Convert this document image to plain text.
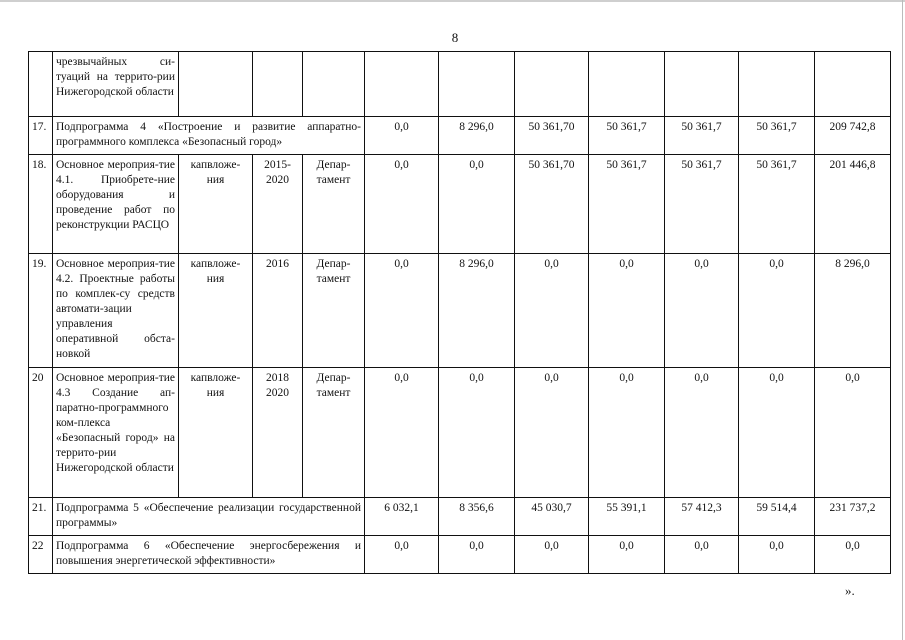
8
	чрезвычайных си-туаций на террито-рии Нижегородской области										
17.	Подпрограмма 4 «Построение и развитие аппаратно-программного комплекса «Безопасный город»				0,0	8 296,0	50 361,70	50 361,7	50 361,7	50 361,7	209 742,8
18.	Основное мероприя-тие 4.1. Приобрете-ние оборудования и проведение работ по реконструкции РАСЦО	капвложе-ния	2015-2020	Депар-тамент	0,0	0,0	50 361,70	50 361,7	50 361,7	50 361,7	201 446,8
19.	Основное мероприя-тие 4.2. Проектные работы по комплек-су средств автомати-зации управления оперативной обста-новкой	капвложе-ния	2016	Депар-тамент	0,0	8 296,0	0,0	0,0	0,0	0,0	8 296,0
20	Основное мероприя-тие 4.3 Создание ап-паратно-программного ком-плекса «Безопасный город» на террито-рии Нижегородской области	капвложе-ния	2018 2020	Депар-тамент	0,0	0,0	0,0	0,0	0,0	0,0	0,0
21.	Подпрограмма 5 «Обеспечение реализации государственной программы»				6 032,1	8 356,6	45 030,7	55 391,1	57 412,3	59 514,4	231 737,2
22	Подпрограмма 6 «Обеспечение энергосбережения и повышения энергетической эффективности»				0,0	0,0	0,0	0,0	0,0	0,0	0,0
».
